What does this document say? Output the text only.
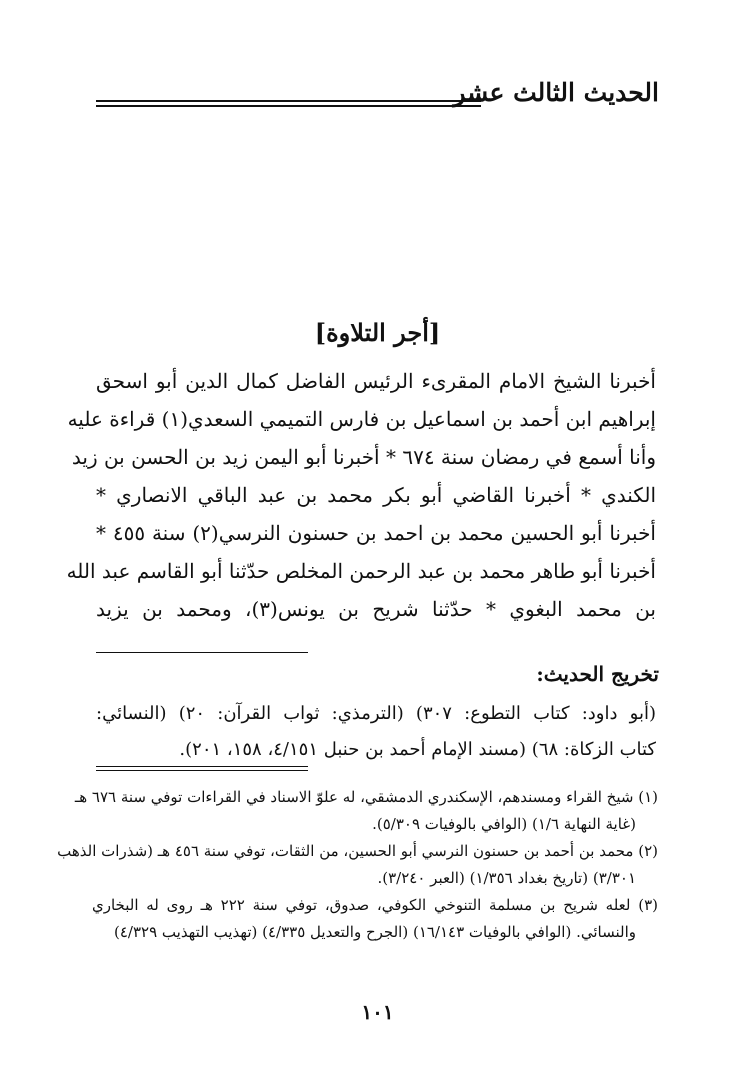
الحديث الثالث عشر
[أجر التلاوة]
أخبرنا الشيخ الامام المقرىء الرئيس الفاضل كمال الدين أبو اسحق
إبراهيم ابن أحمد بن اسماعيل بن فارس التميمي السعدي(١) قراءة عليه
وأنا أسمع في رمضان سنة ٦٧٤ * أخبرنا أبو اليمن زيد بن الحسن بن زيد
الكندي * أخبرنا القاضي أبو بكر محمد بن عبد الباقي الانصاري *
أخبرنا أبو الحسين محمد بن احمد بن حسنون النرسي(٢) سنة ٤٥٥ *
أخبرنا أبو طاهر محمد بن عبد الرحمن المخلص حدّثنا أبو القاسم عبد الله
بن محمد البغوي * حدّثنا شريح بن يونس(٣)، ومحمد بن يزيد
تخريج الحديث:
(أبو داود: كتاب التطوع: ٣٠٧) (الترمذي: ثواب القرآن: ٢٠) (النسائي:
كتاب الزكاة: ٦٨) (مسند الإمام أحمد بن حنبل ٤/١٥١، ١٥٨، ٢٠١).
(١) شيخ القراء ومسندهم، الإسكندري الدمشقي، له علوّ الاسناد في القراءات توفي سنة ٦٧٦ هـ
(غاية النهاية ١/٦) (الوافي بالوفيات ٥/٣٠٩).
(٢) محمد بن أحمد بن حسنون النرسي أبو الحسين، من الثقات، توفي سنة ٤٥٦ هـ (شذرات الذهب
٣/٣٠١) (تاريخ بغداد ١/٣٥٦) (العبر ٣/٢٤٠).
(٣) لعله شريح بن مسلمة التنوخي الكوفي، صدوق، توفي سنة ٢٢٢ هـ روى له البخاري
والنسائي. (الوافي بالوفيات ١٦/١٤٣) (الجرح والتعديل ٤/٣٣٥) (تهذيب التهذيب ٤/٣٢٩)
١٠١
